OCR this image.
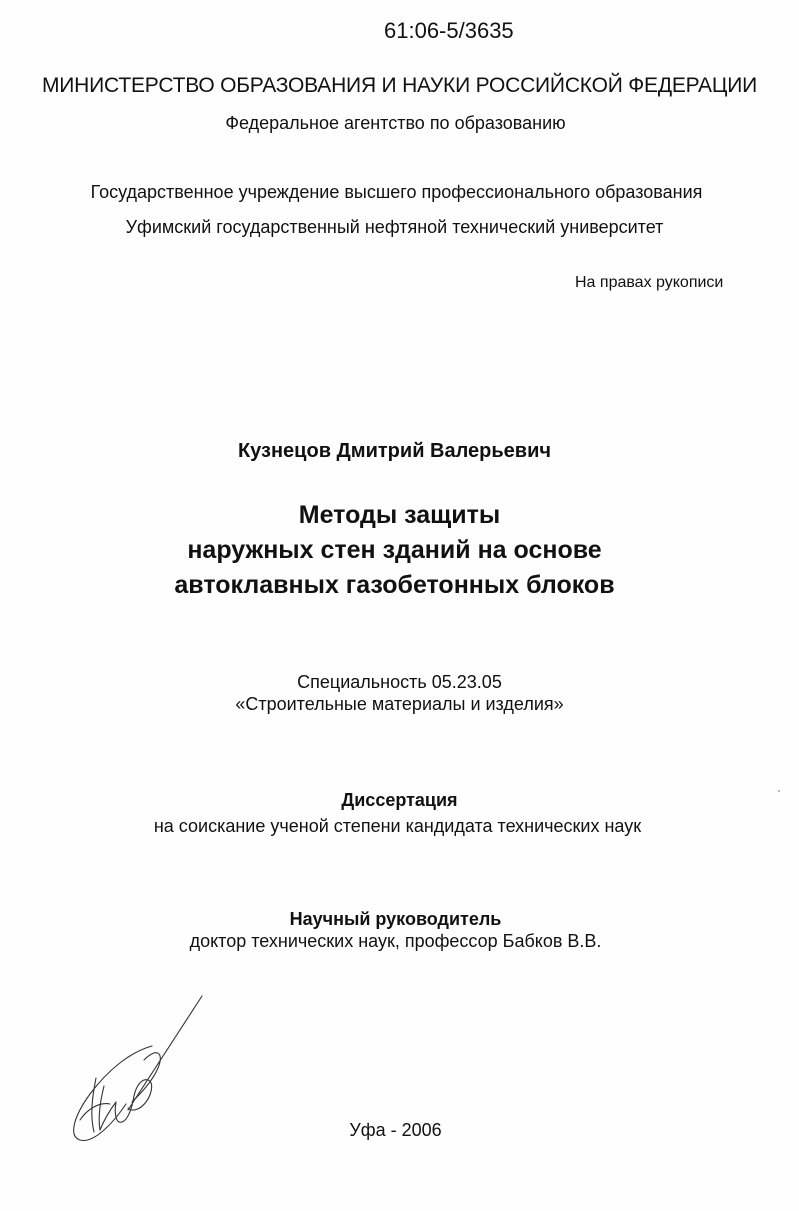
61:06-5/3635
МИНИСТЕРСТВО ОБРАЗОВАНИЯ И НАУКИ РОССИЙСКОЙ ФЕДЕРАЦИИ
Федеральное агентство по образованию
Государственное учреждение высшего профессионального образования
Уфимский государственный нефтяной технический университет
На правах рукописи
Кузнецов Дмитрий Валерьевич
Методы защиты
наружных стен зданий на основе
автоклавных газобетонных блоков
Специальность 05.23.05
«Строительные материалы и изделия»
Диссертация
на соискание ученой степени кандидата технических наук
Научный руководитель
доктор технических наук, профессор Бабков В.В.
Уфа - 2006
